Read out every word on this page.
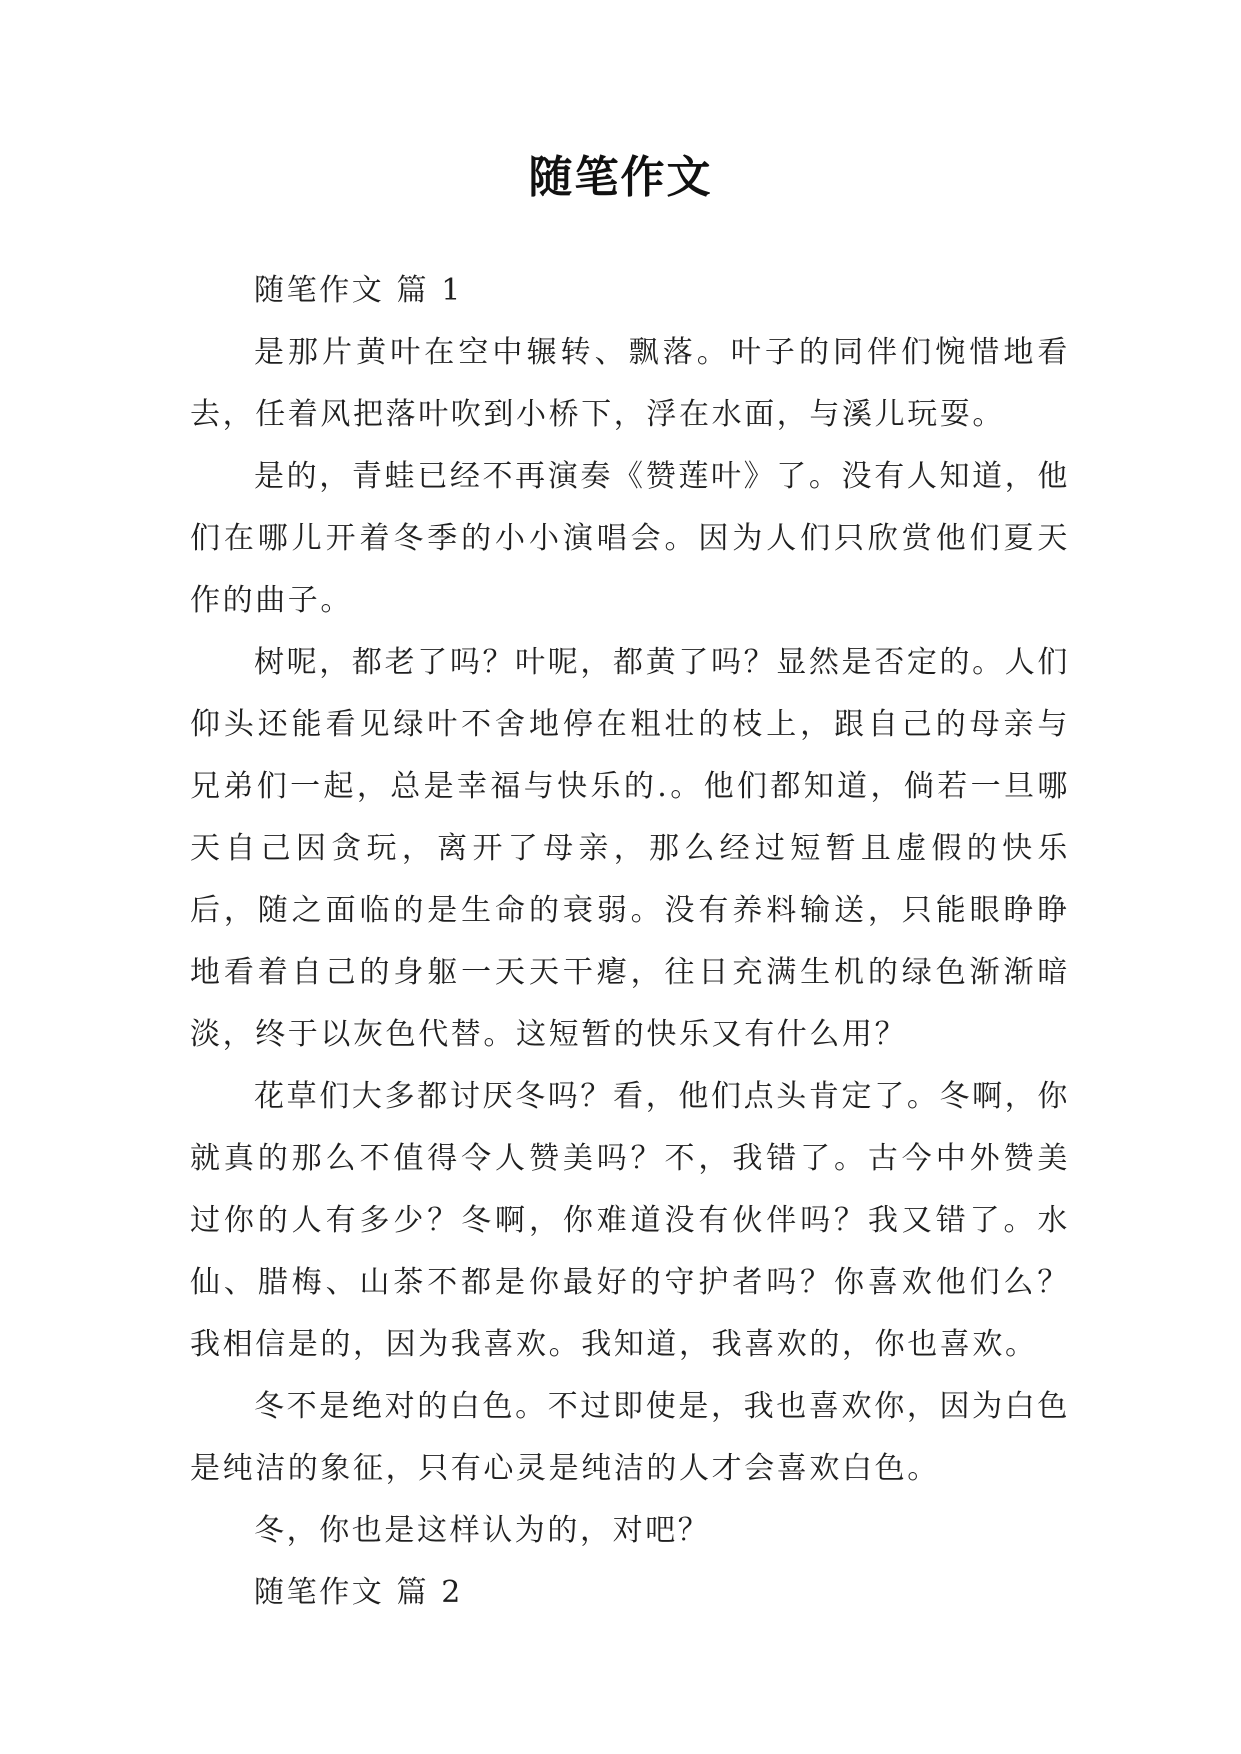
随笔作文

随笔作文 篇 1

是那片黄叶在空中辗转、飘落。叶子的同伴们惋惜地看去，任着风把落叶吹到小桥下，浮在水面，与溪儿玩耍。

是的，青蛙已经不再演奏《赞莲叶》了。没有人知道，他们在哪儿开着冬季的小小演唱会。因为人们只欣赏他们夏天作的曲子。

树呢，都老了吗？叶呢，都黄了吗？显然是否定的。人们仰头还能看见绿叶不舍地停在粗壮的枝上，跟自己的母亲与兄弟们一起，总是幸福与快乐的.。他们都知道，倘若一旦哪天自己因贪玩，离开了母亲，那么经过短暂且虚假的快乐后，随之面临的是生命的衰弱。没有养料输送，只能眼睁睁地看着自己的身躯一天天干瘪，往日充满生机的绿色渐渐暗淡，终于以灰色代替。这短暂的快乐又有什么用？

花草们大多都讨厌冬吗？看，他们点头肯定了。冬啊，你就真的那么不值得令人赞美吗？不，我错了。古今中外赞美过你的人有多少？冬啊，你难道没有伙伴吗？我又错了。水仙、腊梅、山茶不都是你最好的守护者吗？你喜欢他们么？我相信是的，因为我喜欢。我知道，我喜欢的，你也喜欢。

冬不是绝对的白色。不过即使是，我也喜欢你，因为白色是纯洁的象征，只有心灵是纯洁的人才会喜欢白色。

冬，你也是这样认为的，对吧？

随笔作文 篇 2
